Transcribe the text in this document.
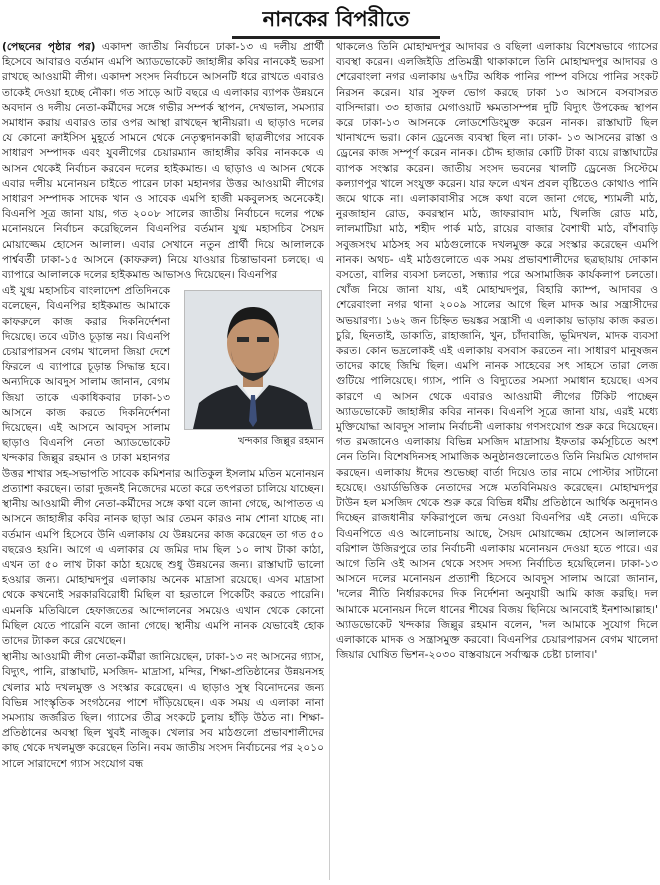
নানকের বিপরীতে

(পেছনের পৃষ্ঠার পর) একাদশ জাতীয় নির্বাচনে ঢাকা-১৩ এ দলীয় প্রার্থী হিসেবে আবারও বর্তমান এমপি অ্যাডভোকেট জাহাঙ্গীর কবির নানকেই ভরসা রাখছে আওয়ামী লীগ। একাদশ সংসদ নির্বাচনে আসনটি ধরে রাখতে এবারও তাকেই দেওয়া হচ্ছে নৌকা। গত সাড়ে আট বছরে এ এলাকার ব্যাপক উন্নয়নে অবদান ও দলীয় নেতা-কর্মীদের সঙ্গে গভীর সম্পর্ক স্থাপন, দেখভাল, সমস্যার সমাধান করায় এবারও তার ওপর আস্থা রাখছেন স্থানীয়রা। এ ছাড়াও দলের যে কোনো ক্রাইসিস মুহূর্তে সামনে থেকে নেতৃত্বদানকারী ছাত্রলীগের সাবেক সাধারণ সম্পাদক এবং যুবলীগের চেয়ারম্যান জাহাঙ্গীর কবির নানককে এ আসন থেকেই নির্বাচন করবেন দলের হাইকমান্ড। এ ছাড়াও এ আসন থেকে এবার দলীয় মনোনয়ন চাইতে পারেন ঢাকা মহানগর উত্তর আওয়ামী লীগের সাধারণ সম্পাদক সাদেক খান ও সাবেক এমপি হাজী মকবুলসহ অনেকেই। বিএনপি সূত্র জানা যায়, গত ২০০৮ সালের জাতীয় নির্বাচনে দলের পক্ষে মনোনয়নে নির্বাচন করেছিলেন বিএনপির বর্তমান যুগ্ম মহাসচিব সৈয়দ মোয়াজ্জেম হোসেন আলাল। এবার সেখানে নতুন প্রার্থী দিয়ে আলালকে পার্শ্ববর্তী ঢাকা-১৫ আসনে (কাফরুল) নিয়ে যাওয়ার চিন্তাভাবনা চলছে। এ ব্যাপারে আলালকে দলের হাইকমান্ড আভাসও দিয়েছেন। বিএনপির

খন্দকার জিল্লুর রহমান

এই যুগ্ম মহাসচিব বাংলাদেশ প্রতিদিনকে বলেছেন, বিএনপির হাইকমান্ড আমাকে কাফরুলে কাজ করার দিকনির্দেশনা দিয়েছে। তবে এটাও চূড়ান্ত নয়। বিএনপি চেয়ারপারসন বেগম খালেদা জিয়া দেশে ফিরলে এ ব্যাপারে চূড়ান্ত সিদ্ধান্ত হবে। অন্যদিকে আবদুস সালাম জানান, বেগম জিয়া তাকে একাধিকবার ঢাকা-১৩ আসনে কাজ করতে দিকনির্দেশনা দিয়েছেন। এই আসনে আবদুস সালাম ছাড়াও বিএনপি নেতা অ্যাডভোকেট খন্দকার জিল্লুর রহমান ও ঢাকা মহানগর উত্তর শাখার সহ-সভাপতি সাবেক কমিশনার আতিকুল ইসলাম মতিন মনোনয়ন প্রত্যাশা করছেন। তারা দুজনই নিজেদের মতো করে তৎপরতা চালিয়ে যাচ্ছেন। স্থানীয় আওয়ামী লীগ নেতা-কর্মীদের সঙ্গে কথা বলে জানা গেছে, আপাতত এ আসনে জাহাঙ্গীর কবির নানক ছাড়া আর তেমন কারও নাম শোনা যাচ্ছে না। বর্তমান এমপি হিসেবে উনি এলাকায় যে উন্নয়নের কাজ করেছেন তা গত ৫০ বছরেও হয়নি। আগে এ এলাকার যে জমির দাম ছিল ১০ লাখ টাকা কাঠা, এখন তা ৫০ লাখ টাকা কাঠা হয়েছে শুধু উন্নয়নের জন্য। রাস্তাঘাট ভালো হওয়ার জন্য। মোহাম্মদপুর এলাকায় অনেক মাদ্রাসা রয়েছে। এসব মাদ্রাসা থেকে কখনোই সরকারবিরোধী মিছিল বা হরতালে পিকেটিং করতে পারেনি। এমনকি মতিঝিলে হেফাজতের আন্দোলনের সময়েও এখান থেকে কোনো মিছিল যেতে পারেনি বলে জানা গেছে। স্থানীয় এমপি নানক যেভাবেই হোক তাদের ট্যাকল করে রেখেছেন।

স্থানীয় আওয়ামী লীগ নেতা-কর্মীরা জানিয়েছেন, ঢাকা-১৩ নং আসনের গ্যাস, বিদ্যুৎ, পানি, রাস্তাঘাট, মসজিদ- মাদ্রাসা, মন্দির, শিক্ষা-প্রতিষ্ঠানের উন্নয়নসহ খেলার মাঠ দখলমুক্ত ও সংস্কার করেছেন। এ ছাড়াও সুস্থ বিনোদনের জন্য বিভিন্ন সাংস্কৃতিক সংগঠনের পাশে দাঁড়িয়েছেন। এক সময় এ এলাকা নানা সমস্যায় জর্জরিত ছিল। গ্যাসের তীব্র সংকটে চুলায় হাঁড়ি উঠত না। শিক্ষা-প্রতিষ্ঠানের অবস্থা ছিল খুবই নাজুক। খেলার সব মাঠগুলো প্রভাবশালীদের কাছ থেকে দখলমুক্ত করেছেন তিনি। নবম জাতীয় সংসদ নির্বাচনের পর ২০১০ সালে সারাদেশে গ্যাস সংযোগ বন্ধ

থাকলেও তিনি মোহাম্মদপুর আদাবর ও বছিলা এলাকায় বিশেষভাবে গ্যাসের ব্যবস্থা করেন। এলজিইডি প্রতিমন্ত্রী থাকাকালে তিনি মোহাম্মদপুর আদাবর ও শেরেবাংলা নগর এলাকায় ৬৭টির অধিক পানির পাম্প বসিয়ে পানির সংকট নিরসন করেন। যার সুফল ভোগ করছে ঢাকা ১৩ আসনে বসবাসরত বাসিন্দারা। ৩৩ হাজার মেগাওয়াট ক্ষমতাসম্পন্ন দুটি বিদ্যুৎ উপকেন্দ্র স্থাপন করে ঢাকা-১৩ আসনকে লোডশেডিংমুক্ত করেন নানক। রাস্তাঘাট ছিল খানাখন্দে ভরা। কোন ড্রেনেজ ব্যবস্থা ছিল না। ঢাকা- ১৩ আসনের রাস্তা ও ড্রেনের কাজ সম্পূর্ণ করেন নানক। চৌদ্দ হাজার কোটি টাকা ব্যয়ে রাস্তাঘাটের ব্যাপক সংস্কার করেন। জাতীয় সংসদ ভবনের খালটি ড্রেনেজ সিস্টেমে কল্যাণপুর খালে সংযুক্ত করেন। যার ফলে এখন প্রবল বৃষ্টিতেও কোথাও পানি জমে থাকে না। এলাকাবাসীর সঙ্গে কথা বলে জানা গেছে, শ্যামলী মাঠ, নুরজাহান রোড, কবরস্থান মাঠ, জাফরাবাদ মাঠ, খিলজি রোড মাঠ, লালমাটিয়া মাঠ, শহীদ পার্ক মাঠ, রায়ের বাজার বৈশাখী মাঠ, বাঁশবাড়ি সবুজসংঘ মাঠসহ সব মাঠগুলোকে দখলমুক্ত করে সংস্কার করেছেন এমপি নানক। অথচ- এই মাঠগুলোতে এক সময় প্রভাবশালীদের ছত্রছায়ায় দোকান বসতো, বালির ব্যবসা চলতো, সন্ধ্যার পরে অসামাজিক কার্যকলাপ চলতো। খোঁজ নিয়ে জানা যায়, এই মোহাম্মদপুর, বিহারি ক্যাম্প, আদাবর ও শেরেবাংলা নগর থানা ২০০৯ সালের আগে ছিল মাদক আর সন্ত্রাসীদের অভয়ারণ্য। ১৬২ জন চিহ্নিত ভয়ঙ্কর সন্ত্রাসী এ এলাকায় ভাড়ায় কাজ করত। চুরি, ছিনতাই, ডাকাতি, রাহাজানি, খুন, চাঁদাবাজি, ভূমিদখল, মাদক ব্যবসা করত। কোন ভদ্রলোকই এই এলাকায় বসবাস করতেন না। সাধারণ মানুষজন তাদের কাছে জিম্মি ছিল। এমপি নানক সাহেবের সৎ সাহসে তারা লেজ গুটিয়ে পালিয়েছে। গ্যাস, পানি ও বিদ্যুতের সমস্যা সমাধান হয়েছে। এসব কারণে এ আসন থেকে এবারও আওয়ামী লীগের টিকিট পাচ্ছেন অ্যাডভোকেট জাহাঙ্গীর কবির নানক। বিএনপি সূত্রে জানা যায়, এরই মধ্যে মুক্তিযোদ্ধা আবদুস সালাম নির্বাচনী এলাকায় গণসংযোগ শুরু করে দিয়েছেন। গত রমজানেও এলাকায় বিভিন্ন মসজিদ মাদ্রাসায় ইফতার কর্মসূচিতে অংশ নেন তিনি। বিশেষদিনসহ সামাজিক অনুষ্ঠানগুলোতেও তিনি নিয়মিত যোগদান করছেন। এলাকায় ঈদের শুভেচ্ছা বার্তা দিয়েও তার নামে পোস্টার সাটানো হয়েছে। ওয়ার্ডভিত্তিক নেতাদের সঙ্গে মতবিনিময়ও করেছেন। মোহাম্মদপুর টাউন হল মসজিদ থেকে শুরু করে বিভিন্ন ধর্মীয় প্রতিষ্ঠানে আর্থিক অনুদানও দিচ্ছেন রাজধানীর ফকিরাপুলে জন্ম নেওয়া বিএনপির এই নেতা। এদিকে বিএনপিতে এও আলোচনায় আছে, সৈয়দ মোয়াজ্জেম হোসেন আলালকে বরিশাল উজিরপুরে তার নির্বাচনী এলাকায় মনোনয়ন দেওয়া হতে পারে। এর আগে তিনি ওই আসন থেকে সংসদ সদস্য নির্বাচিত হয়েছিলেন। ঢাকা-১৩ আসনে দলের মনোনয়ন প্রত্যাশী হিসেবে আবদুস সালাম আরো জানান, 'দলের নীতি নির্ধারকদের দিক নির্দেশনা অনুযায়ী আমি কাজ করছি। দল আমাকে মনোনয়ন দিলে ধানের শীষের বিজয় ছিনিয়ে আনবোই ইনশাআল্লাহ।' অ্যাডভোকেট খন্দকার জিল্লুর রহমান বলেন, 'দল আমাকে সুযোগ দিলে এলাকাকে মাদক ও সন্ত্রাসমুক্ত করবো। বিএনপির চেয়ারপারসন বেগম খালেদা জিয়ার ঘোষিত ভিশন-২০৩০ বাস্তবায়নে সর্বাত্মক চেষ্টা চালাব।'
